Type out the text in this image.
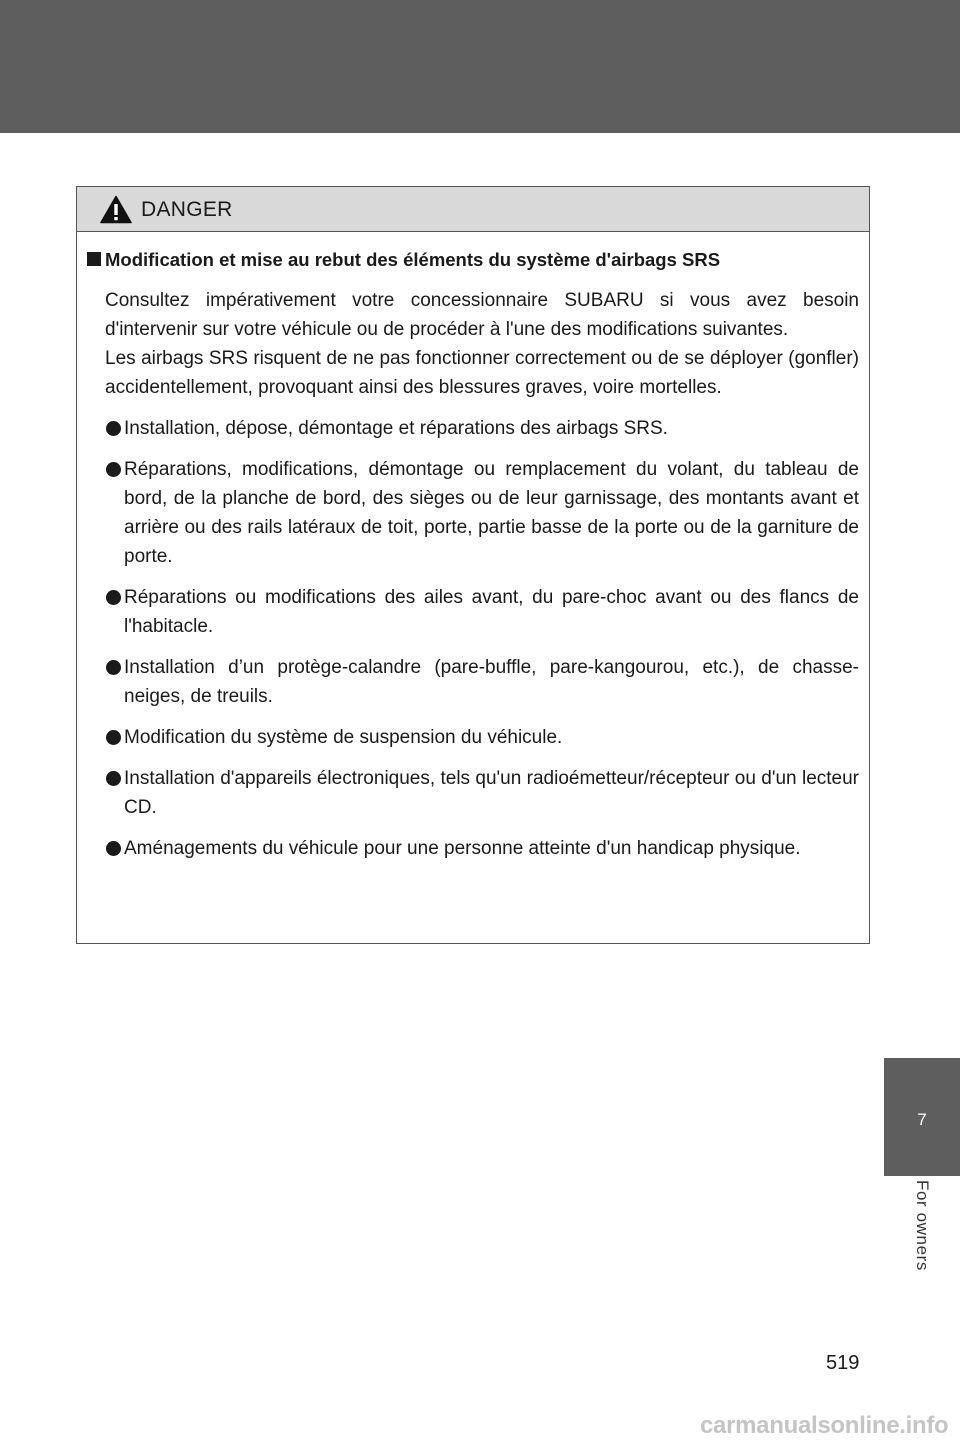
DANGER
Modification et mise au rebut des éléments du système d'airbags SRS

Consultez impérativement votre concessionnaire SUBARU si vous avez besoin d'intervenir sur votre véhicule ou de procéder à l'une des modifications suivantes.

Les airbags SRS risquent de ne pas fonctionner correctement ou de se déployer (gonfler) accidentellement, provoquant ainsi des blessures graves, voire mortelles.

Installation, dépose, démontage et réparations des airbags SRS.
Réparations, modifications, démontage ou remplacement du volant, du tableau de bord, de la planche de bord, des sièges ou de leur garnissage, des montants avant et arrière ou des rails latéraux de toit, porte, partie basse de la porte ou de la garniture de porte.
Réparations ou modifications des ailes avant, du pare-choc avant ou des flancs de l'habitacle.
Installation d’un protège-calandre (pare-buffle, pare-kangourou, etc.), de chasse-neiges, de treuils.
Modification du système de suspension du véhicule.
Installation d'appareils électroniques, tels qu'un radioémetteur/récepteur ou d'un lecteur CD.
Aménagements du véhicule pour une personne atteinte d'un handicap physique.
7
For owners
519
carmanualsonline.info
